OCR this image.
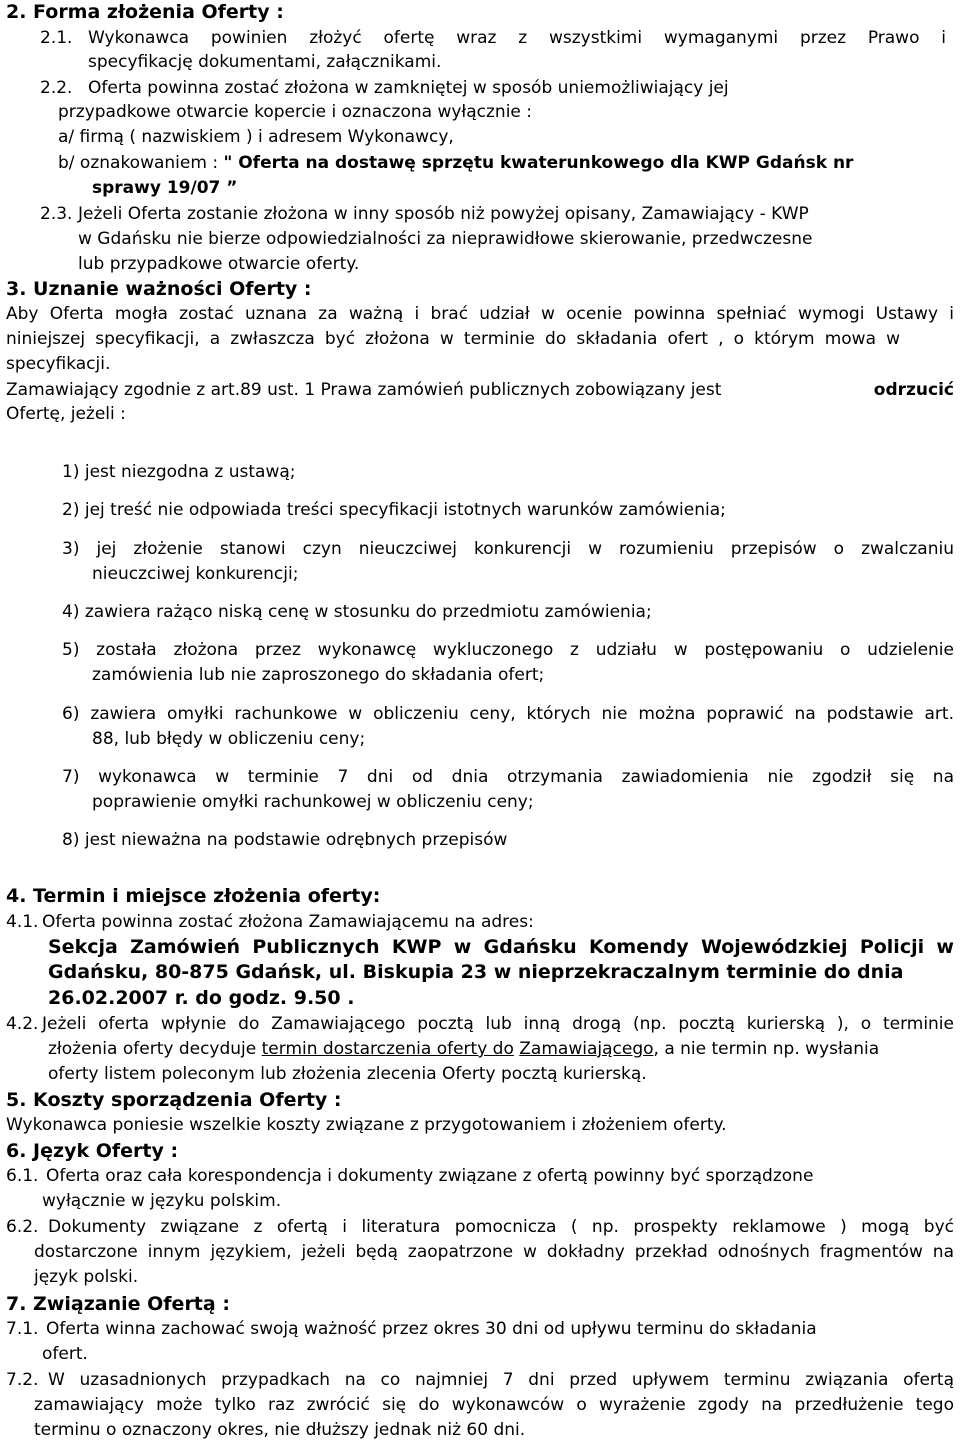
2. Forma złożenia Oferty :
2.1. Wykonawca powinien złożyć ofertę wraz z wszystkimi wymaganymi przez Prawo i
specyfikację dokumentami, załącznikami.
2.2. Oferta powinna zostać złożona w zamkniętej w sposób uniemożliwiający jej
przypadkowe otwarcie kopercie i oznaczona wyłącznie :
a/ firmą ( nazwiskiem ) i adresem Wykonawcy,
b/ oznakowaniem : " Oferta na dostawę sprzętu kwaterunkowego dla KWP Gdańsk nr
sprawy 19/07 ”
2.3. Jeżeli Oferta zostanie złożona w inny sposób niż powyżej opisany, Zamawiający - KWP
w Gdańsku nie bierze odpowiedzialności za nieprawidłowe skierowanie, przedwczesne
lub przypadkowe otwarcie oferty.
3. Uznanie ważności Oferty :
Aby Oferta mogła zostać uznana za ważną i brać udział w ocenie powinna spełniać wymogi Ustawy i
niniejszej specyfikacji, a zwłaszcza być złożona w terminie do składania ofert , o którym mowa w
specyfikacji.
Zamawiający zgodnie z art.89 ust. 1 Prawa zamówień publicznych zobowiązany jest	odrzucić
Ofertę, jeżeli :
1) jest niezgodna z ustawą;
2) jej treść nie odpowiada treści specyfikacji istotnych warunków zamówienia;
3) jej złożenie stanowi czyn nieuczciwej konkurencji w rozumieniu przepisów o zwalczaniu
nieuczciwej konkurencji;
4) zawiera rażąco niską cenę w stosunku do przedmiotu zamówienia;
5) została złożona przez wykonawcę wykluczonego z udziału w postępowaniu o udzielenie
zamówienia lub nie zaproszonego do składania ofert;
6) zawiera omyłki rachunkowe w obliczeniu ceny, których nie można poprawić na podstawie art.
88, lub błędy w obliczeniu ceny;
7) wykonawca w terminie 7 dni od dnia otrzymania zawiadomienia nie zgodził się na
poprawienie omyłki rachunkowej w obliczeniu ceny;
8) jest nieważna na podstawie odrębnych przepisów
4. Termin i miejsce złożenia oferty:
4.1. Oferta powinna zostać złożona Zamawiającemu na adres:
Sekcja Zamówień Publicznych KWP w Gdańsku Komendy Wojewódzkiej Policji w
Gdańsku, 80-875 Gdańsk, ul. Biskupia 23 w nieprzekraczalnym terminie do dnia
26.02.2007 r. do godz. 9.50 .
4.2. Jeżeli oferta wpłynie do Zamawiającego pocztą lub inną drogą (np. pocztą kurierską ), o terminie
złożenia oferty decyduje termin dostarczenia oferty do Zamawiającego, a nie termin np. wysłania
oferty listem poleconym lub złożenia zlecenia Oferty pocztą kurierską.
5. Koszty sporządzenia Oferty :
Wykonawca poniesie wszelkie koszty związane z przygotowaniem i złożeniem oferty.
6. Język Oferty :
6.1. Oferta oraz cała korespondencja i dokumenty związane z ofertą powinny być sporządzone
wyłącznie w języku polskim.
6.2. Dokumenty związane z ofertą i literatura pomocnicza ( np. prospekty reklamowe ) mogą być
dostarczone innym językiem, jeżeli będą zaopatrzone w dokładny przekład odnośnych fragmentów na
język polski.
7. Związanie Ofertą :
7.1. Oferta winna zachować swoją ważność przez okres 30 dni od upływu terminu do składania
ofert.
7.2. W uzasadnionych przypadkach na co najmniej 7 dni przed upływem terminu związania ofertą
zamawiający może tylko raz zwrócić się do wykonawców o wyrażenie zgody na przedłużenie tego
terminu o oznaczony okres, nie dłuższy jednak niż 60 dni.
